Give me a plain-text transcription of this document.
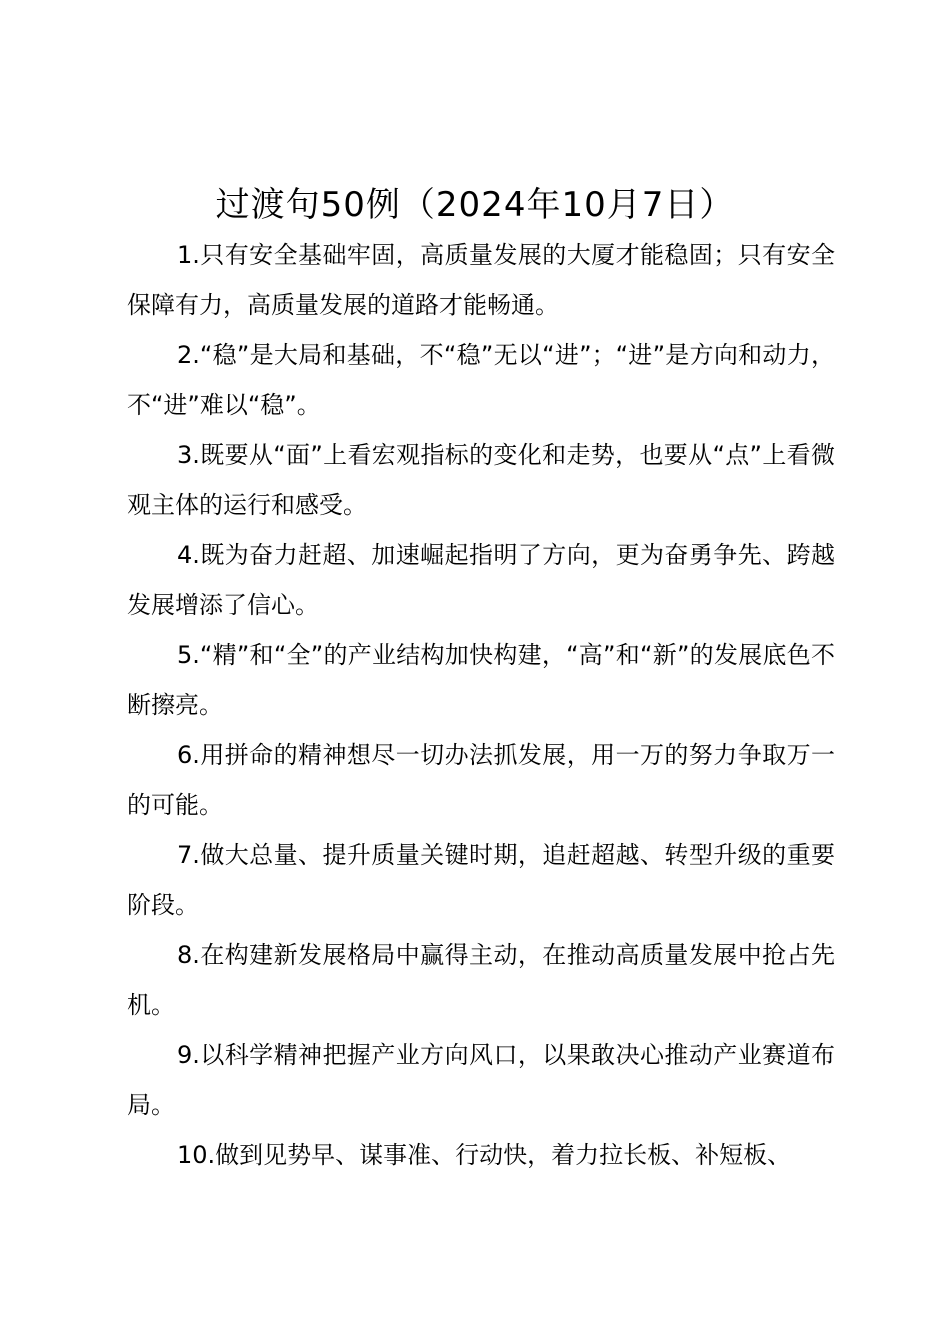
过渡句50例（2024年10月7日）

1.只有安全基础牢固，高质量发展的大厦才能稳固；只有安全保障有力，高质量发展的道路才能畅通。

2.“稳”是大局和基础，不“稳”无以“进”；“进”是方向和动力，不“进”难以“稳”。

3.既要从“面”上看宏观指标的变化和走势，也要从“点”上看微观主体的运行和感受。

4.既为奋力赶超、加速崛起指明了方向，更为奋勇争先、跨越发展增添了信心。

5.“精”和“全”的产业结构加快构建，“高”和“新”的发展底色不断擦亮。

6.用拼命的精神想尽一切办法抓发展，用一万的努力争取万一的可能。

7.做大总量、提升质量关键时期，追赶超越、转型升级的重要阶段。

8.在构建新发展格局中赢得主动，在推动高质量发展中抢占先机。

9.以科学精神把握产业方向风口，以果敢决心推动产业赛道布局。

10.做到见势早、谋事准、行动快，着力拉长板、补短板、
